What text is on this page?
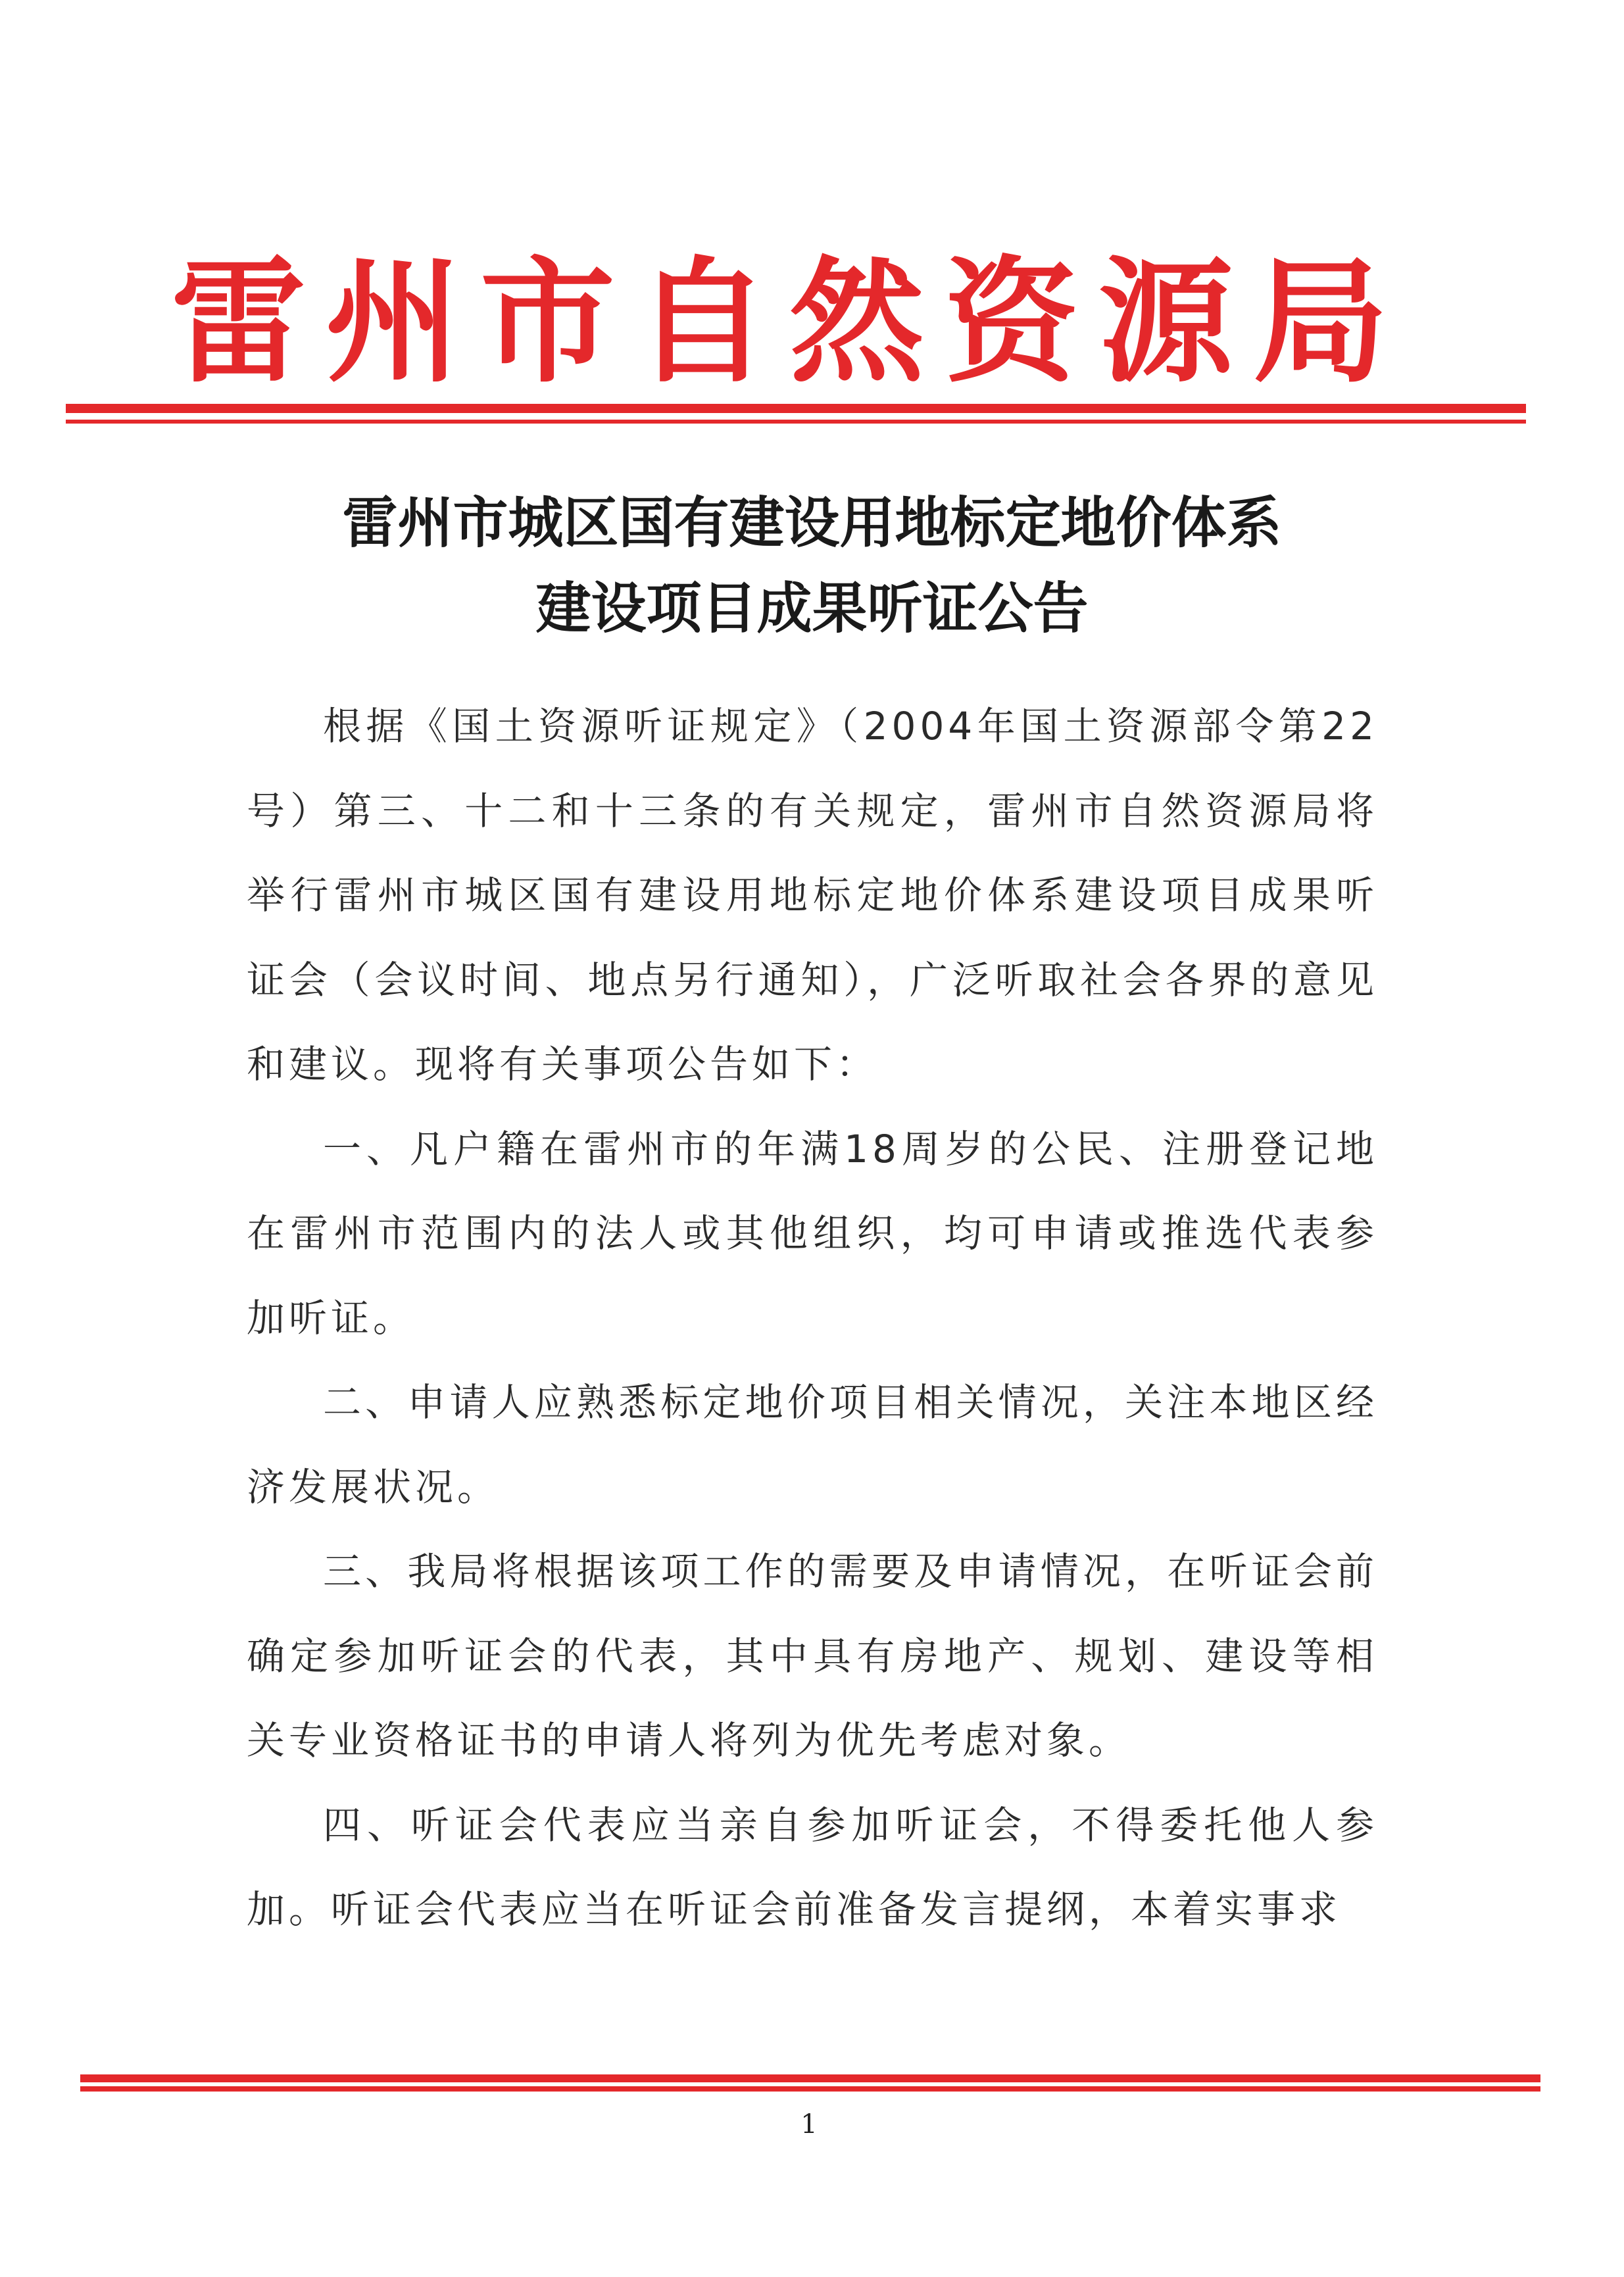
雷州市自然资源局
雷州市城区国有建设用地标定地价体系
建设项目成果听证公告

根据《国土资源听证规定》（2004年国土资源部令第22号）第三、十二和十三条的有关规定，雷州市自然资源局将举行雷州市城区国有建设用地标定地价体系建设项目成果听证会（会议时间、地点另行通知），广泛听取社会各界的意见和建议。现将有关事项公告如下：

一、凡户籍在雷州市的年满18周岁的公民、注册登记地在雷州市范围内的法人或其他组织，均可申请或推选代表参加听证。

二、申请人应熟悉标定地价项目相关情况，关注本地区经济发展状况。

三、我局将根据该项工作的需要及申请情况，在听证会前确定参加听证会的代表，其中具有房地产、规划、建设等相关专业资格证书的申请人将列为优先考虑对象。

四、听证会代表应当亲自参加听证会，不得委托他人参加。听证会代表应当在听证会前准备发言提纲，本着实事求

1
